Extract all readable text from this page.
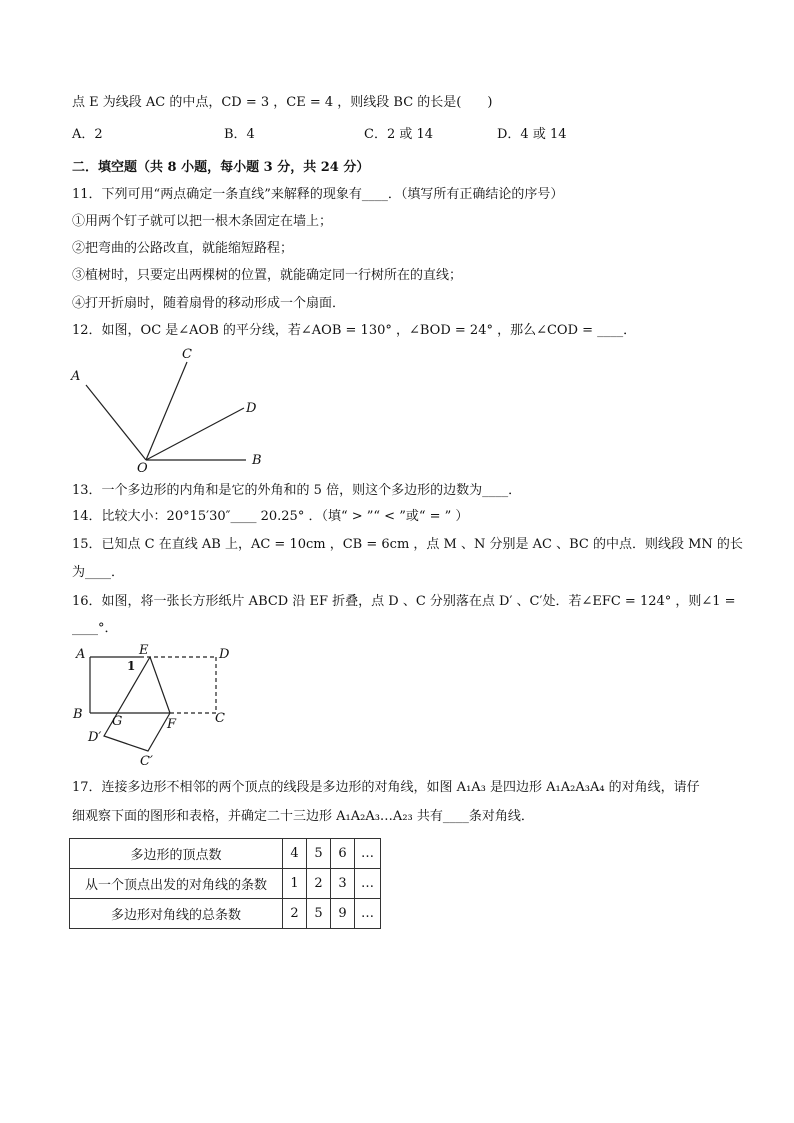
点 E 为线段 AC 的中点，CD = 3 ，CE = 4 ，则线段 BC 的长是(　　)
A．2	B．4	C．2 或 14	D．4 或 14
二．填空题（共 8 小题，每小题 3 分，共 24 分）
11．下列可用“两点确定一条直线”来解释的现象有____．（填写所有正确结论的序号）
①用两个钉子就可以把一根木条固定在墙上；
②把弯曲的公路改直，就能缩短路程；
③植树时，只要定出两棵树的位置，就能确定同一行树所在的直线；
④打开折扇时，随着扇骨的移动形成一个扇面．
12．如图，OC 是∠AOB 的平分线，若∠AOB = 130° ，∠BOD = 24° ，那么∠COD = ____．
A
C
D
B
O
A	E	D
1
B G	F	C
D′
C′
13．一个多边形的内角和是它的外角和的 5 倍，则这个多边形的边数为____．
14．比较大小：20°15′30″____ 20.25° ．（填“ > ”“ < ”或“ = ” ）
15．已知点 C 在直线 AB 上，AC = 10cm ，CB = 6cm ，点 M 、N 分别是 AC 、BC 的中点．则线段 MN 的长
为____．
16．如图，将一张长方形纸片 ABCD 沿 EF 折叠，点 D 、C 分别落在点 D′ 、C′处．若∠EFC = 124° ，则∠1 =
____°．
17．连接多边形不相邻的两个顶点的线段是多边形的对角线，如图 A₁A₃ 是四边形 A₁A₂A₃A₄ 的对角线，请仔
细观察下面的图形和表格，并确定二十三边形 A₁A₂A₃…A₂₃ 共有____条对角线．
多边形的顶点数	4	5	6	…
从一个顶点出发的对角线的条数	1	2	3	…
多边形对角线的总条数	2	5	9	…
